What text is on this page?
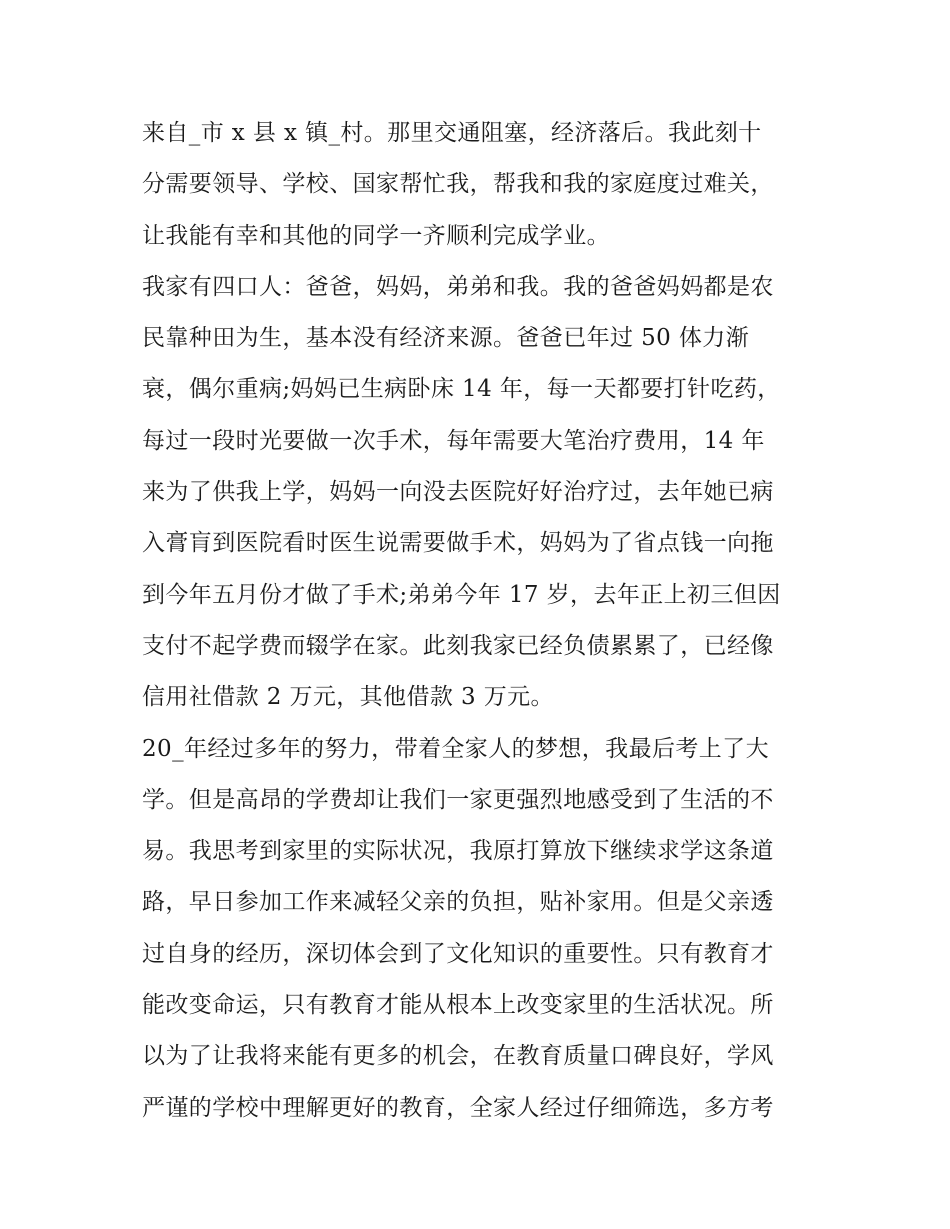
来自_市 x 县 x 镇_村。那里交通阻塞，经济落后。我此刻十
分需要领导、学校、国家帮忙我，帮我和我的家庭度过难关，
让我能有幸和其他的同学一齐顺利完成学业。
我家有四口人：爸爸，妈妈，弟弟和我。我的爸爸妈妈都是农
民靠种田为生，基本没有经济来源。爸爸已年过 50 体力渐
衰，偶尔重病;妈妈已生病卧床 14 年，每一天都要打针吃药，
每过一段时光要做一次手术，每年需要大笔治疗费用，14 年
来为了供我上学，妈妈一向没去医院好好治疗过，去年她已病
入膏肓到医院看时医生说需要做手术，妈妈为了省点钱一向拖
到今年五月份才做了手术;弟弟今年 17 岁，去年正上初三但因
支付不起学费而辍学在家。此刻我家已经负债累累了，已经像
信用社借款 2 万元，其他借款 3 万元。
20_年经过多年的努力，带着全家人的梦想，我最后考上了大
学。但是高昂的学费却让我们一家更强烈地感受到了生活的不
易。我思考到家里的实际状况，我原打算放下继续求学这条道
路，早日参加工作来减轻父亲的负担，贴补家用。但是父亲透
过自身的经历，深切体会到了文化知识的重要性。只有教育才
能改变命运，只有教育才能从根本上改变家里的生活状况。所
以为了让我将来能有更多的机会，在教育质量口碑良好，学风
严谨的学校中理解更好的教育，全家人经过仔细筛选，多方考
